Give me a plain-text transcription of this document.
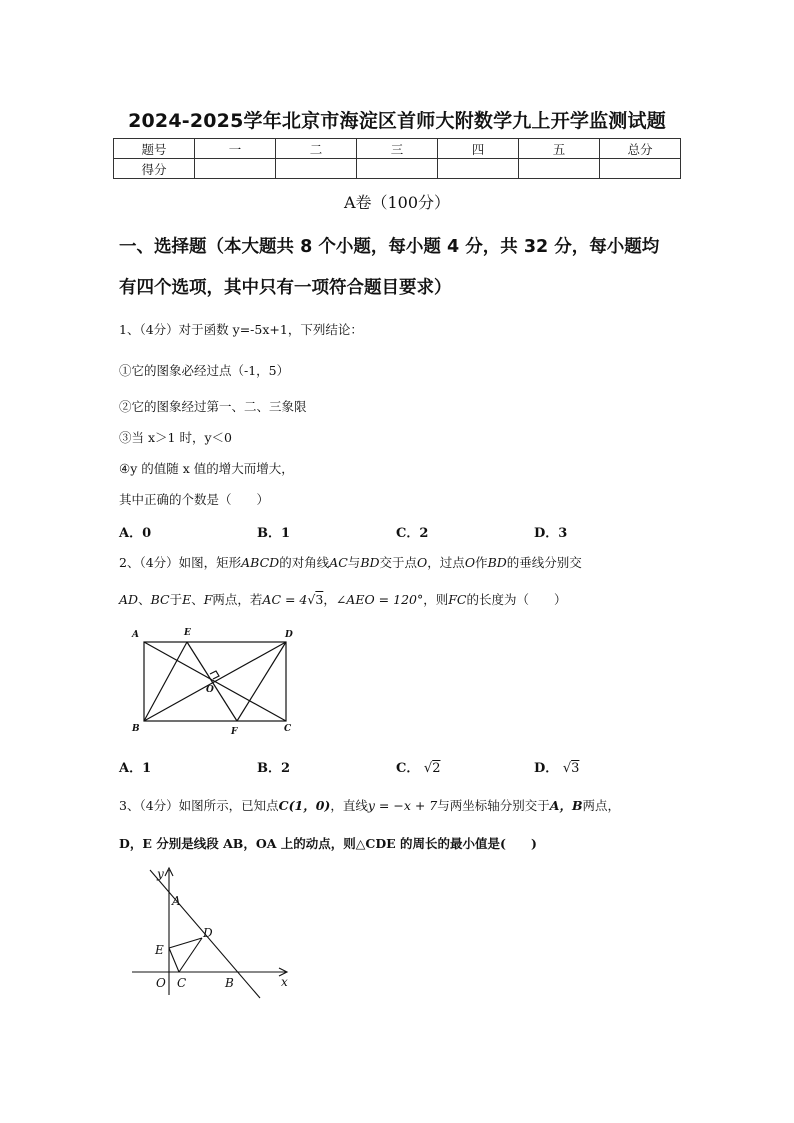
2024-2025学年北京市海淀区首师大附数学九上开学监测试题
题号	一	二	三	四	五	总分
得分						
A卷（100分）
一、选择题（本大题共 8 个小题，每小题 4 分，共 32 分，每小题均
有四个选项，其中只有一项符合题目要求）
1、（4分）对于函数 y=-5x+1，下列结论：
①它的图象必经过点（-1，5）
②它的图象经过第一、二、三象限
③当 x＞1 时，y＜0
④y 的值随 x 值的增大而增大，
其中正确的个数是（　　）
A．0	B．1	C．2	D．3
2、（4分）如图，矩形ABCD的对角线AC与BD交于点O，过点O作BD的垂线分别交
AD、BC于E、F两点，若AC = 4√3，∠AEO = 120°，则FC的长度为（　　）
A	E	D
O
B	F	C
A．1	B．2	C． √2	D． √3
3、（4分）如图所示，已知点C(1，0)，直线y = −x + 7与两坐标轴分别交于A，B两点，
D，E 分别是线段 AB，OA 上的动点，则△CDE 的周长的最小值是(　　)
y
x
A
D
E
O C	B
